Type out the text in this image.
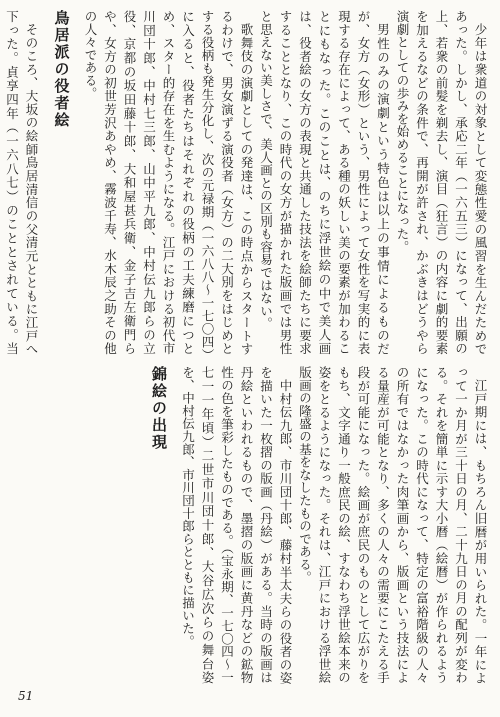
少年は衆道の対象として変態性愛の風習を生んだためであった。しかし、承応二年（一六五三）になって、出願の上、若衆の前髪を剃去し、演目（狂言）の内容に劇的要素を加えるなどの条件で、再開が許され、かぶきはどうやら演劇としての歩みを始めることになった。
男性のみの演劇という特色は以上の事情によるものだが、女方（女形）という、男性によって女性を写実的に表現する存在によって、ある種の妖しい美の要素が加わることにもなった。このことは、のちに浮世絵の中で美人画は、役者絵の女方の表現と共通した技法を絵師たちに要求することとなり、この時代の女方が描かれた版画では男性と思えない美しさで、美人画との区別も容易ではない。
歌舞伎の演劇としての発達は、この時点からスタートするわけで、男女演ずる演役者（女方）の二大別をはじめとする役柄も発生分化し、次の元禄期（一六八八～一七〇四）に入ると、役者たちはそれぞれの役柄の工夫練磨につとめ、スター的存在を生むようになる。江戸における初代市川団十郎、中村七三郎、山中平九郎、中村伝九郎らの立役、京都の坂田藤十郎、大和屋甚兵衛、金子吉左衛門らや、女方の初世芳沢あやめ、霧波千寿、水木辰之助その他の人々である。
鳥居派の役者絵
そのころ、大坂の絵師鳥居清信の父清元とともに江戸へ下った。貞享四年（一六八七）のこととされている。当
江戸期には、もちろん旧暦が用いられた。一年によって一か月が三十日の月、二十九日の月の配列が変わる。それを簡単に示す大小暦（絵暦）が作られるようになった。この時代になって、特定の富裕階級の人々の所有ではなかった肉筆画から、版画という技法による量産が可能となり、多くの人々の需要にこたえる手段が可能になった。絵画が庶民のものとして広がりをもち、文字通り一般庶民の絵、すなわち浮世絵本来の姿をとるようになった。それは、江戸における浮世絵版画の隆盛の基をなしたものである。
中村伝九郎、市川団十郎、藤村半太夫らの役者の姿を描いた一枚摺の版画（丹絵）がある。当時の版画は丹絵といわれるもので、墨摺の版画に黄丹などの鉱物性の色を筆彩したものである。（宝永期、一七〇四～一七一一年頃）二世市川団十郎、大谷広次らの舞台姿を、中村伝九郎、市川団十郎らとともに描いた。
錦絵の出現
51
